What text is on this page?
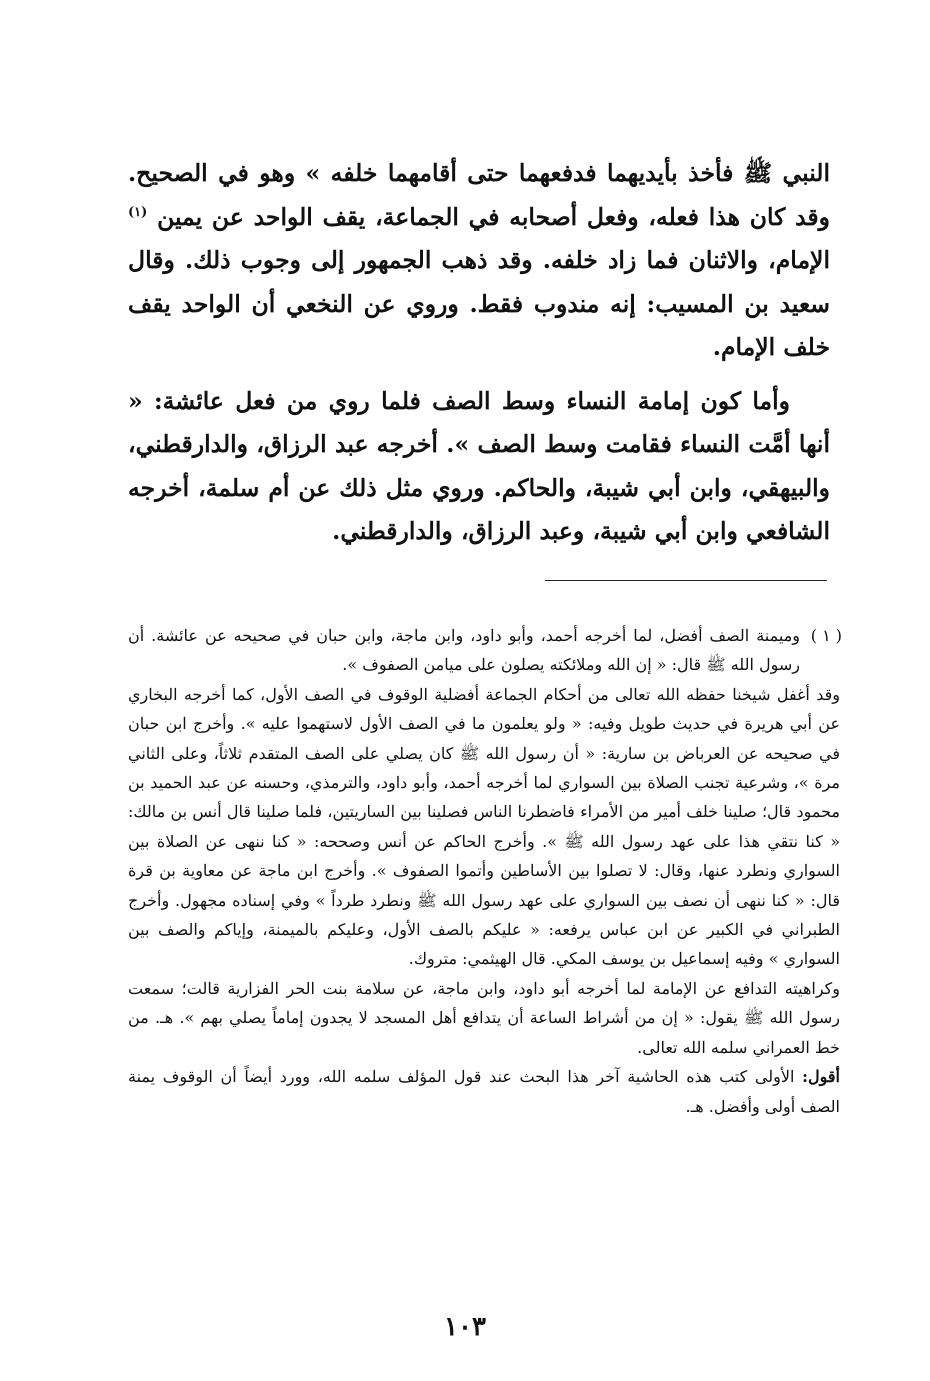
النبي ﷺ فأخذ بأيديهما فدفعهما حتى أقامهما خلفه » وهو في الصحيح. وقد كان هذا فعله، وفعل أصحابه في الجماعة، يقف الواحد عن يمين $^{(١)}$ الإمام، والاثنان فما زاد خلفه. وقد ذهب الجمهور إلى وجوب ذلك. وقال سعيد بن المسيب: إنه مندوب فقط. وروي عن النخعي أن الواحد يقف خلف الإمام.

وأما كون إمامة النساء وسط الصف فلما روي من فعل عائشة: « أنها أمَّت النساء فقامت وسط الصف ». أخرجه عبد الرزاق، والدارقطني، والبيهقي، وابن أبي شيبة، والحاكم. وروي مثل ذلك عن أم سلمة، أخرجه الشافعي وابن أبي شيبة، وعبد الرزاق، والدارقطني.

( ١ )

وميمنة الصف أفضل، لما أخرجه أحمد، وأبو داود، وابن ماجة، وابن حبان في صحيحه عن عائشة. أن رسول الله ﷺ قال: « إن الله وملائكته يصلون على ميامن الصفوف ».

وقد أغفل شيخنا حفظه الله تعالى من أحكام الجماعة أفضلية الوقوف في الصف الأول، كما أخرجه البخاري عن أبي هريرة في حديث طويل وفيه: « ولو يعلمون ما في الصف الأول لاستهموا عليه ». وأخرج ابن حبان في صحيحه عن العرباض بن سارية: « أن رسول الله ﷺ كان يصلي على الصف المتقدم ثلاثاً، وعلى الثاني مرة »، وشرعية تجنب الصلاة بين السواري لما أخرجه أحمد، وأبو داود، والترمذي، وحسنه عن عبد الحميد بن محمود قال؛ صلينا خلف أمير من الأمراء فاضطرنا الناس فصلينا بين الساريتين، فلما صلينا قال أنس بن مالك: « كنا نتقي هذا على عهد رسول الله ﷺ ». وأخرج الحاكم عن أنس وصححه: « كنا ننهى عن الصلاة بين السواري ونطرد عنها، وقال: لا تصلوا بين الأساطين وأتموا الصفوف ». وأخرج ابن ماجة عن معاوية بن قرة قال: « كنا ننهى أن نصف بين السواري على عهد رسول الله ﷺ ونطرد طرداً » وفي إسناده مجهول. وأخرج الطبراني في الكبير عن ابن عباس يرفعه: « عليكم بالصف الأول، وعليكم بالميمنة، وإياكم والصف بين السواري » وفيه إسماعيل بن يوسف المكي. قال الهيثمي: متروك.

وكراهيته التدافع عن الإمامة لما أخرجه أبو داود، وابن ماجة، عن سلامة بنت الحر الفزارية قالت؛ سمعت رسول الله ﷺ يقول: « إن من أشراط الساعة أن يتدافع أهل المسجد لا يجدون إماماً يصلي بهم ». هـ. من خط العمراني سلمه الله تعالى.

أقول: الأولى كتب هذه الحاشية آخر هذا البحث عند قول المؤلف سلمه الله، وورد أيضاً أن الوقوف يمنة الصف أولى وأفضل. هـ.

١٠٣
